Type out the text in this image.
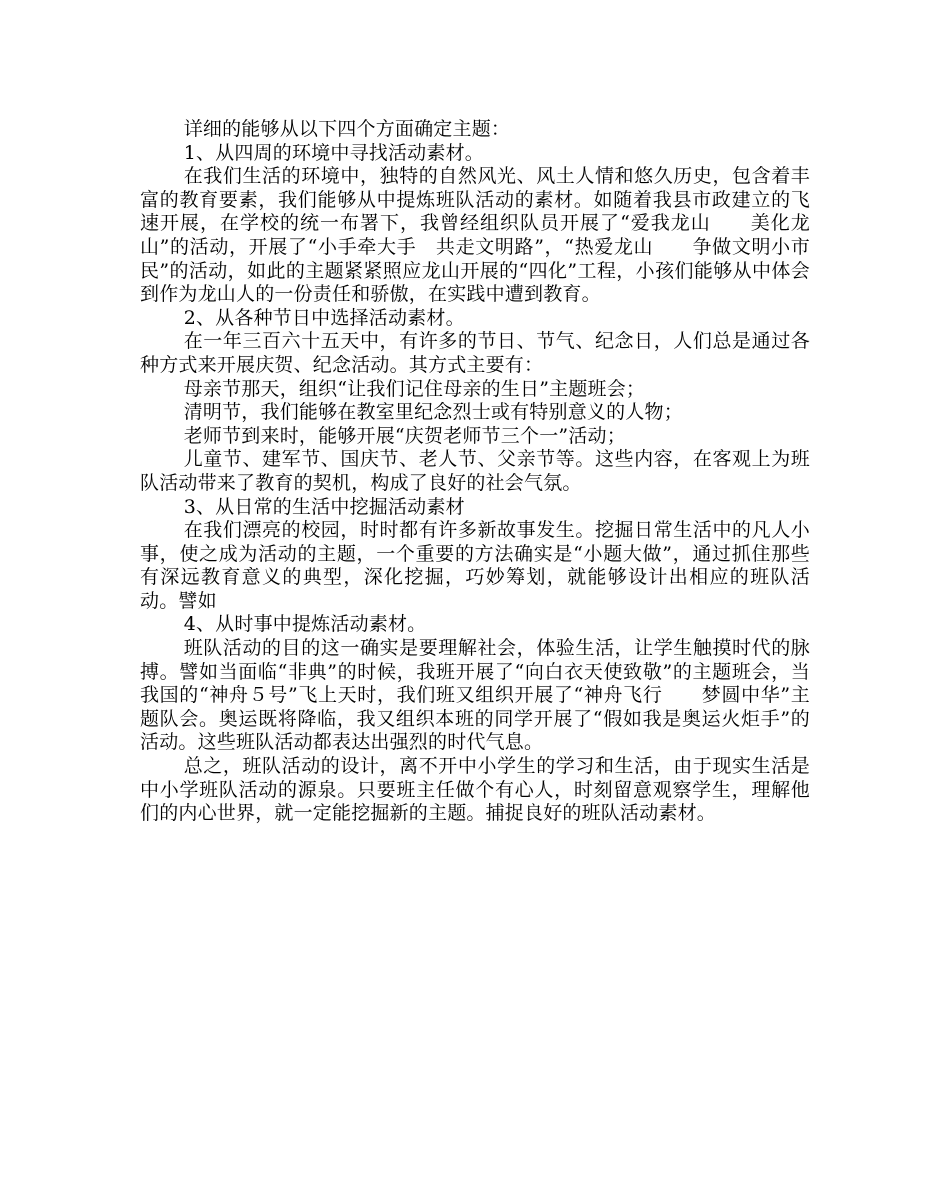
详细的能够从以下四个方面确定主题：

1、从四周的环境中寻找活动素材。

在我们生活的环境中，独特的自然风光、风土人情和悠久历史，包含着丰富的教育要素，我们能够从中提炼班队活动的素材。如随着我县市政建立的飞速开展，在学校的统一布署下，我曾经组织队员开展了“爱我龙山　　美化龙山”的活动，开展了“小手牵大手　共走文明路”，“热爱龙山　　争做文明小市民”的活动，如此的主题紧紧照应龙山开展的“四化”工程，小孩们能够从中体会到作为龙山人的一份责任和骄傲，在实践中遭到教育。

2、从各种节日中选择活动素材。

在一年三百六十五天中，有许多的节日、节气、纪念日，人们总是通过各种方式来开展庆贺、纪念活动。其方式主要有：

母亲节那天，组织“让我们记住母亲的生日”主题班会；

清明节，我们能够在教室里纪念烈士或有特别意义的人物；

老师节到来时，能够开展“庆贺老师节三个一”活动；

儿童节、建军节、国庆节、老人节、父亲节等。这些内容，在客观上为班队活动带来了教育的契机，构成了良好的社会气氛。

3、从日常的生活中挖掘活动素材

在我们漂亮的校园，时时都有许多新故事发生。挖掘日常生活中的凡人小事，使之成为活动的主题，一个重要的方法确实是“小题大做”，通过抓住那些有深远教育意义的典型，深化挖掘，巧妙筹划，就能够设计出相应的班队活动。譬如

4、从时事中提炼活动素材。

班队活动的目的这一确实是要理解社会，体验生活，让学生触摸时代的脉搏。譬如当面临“非典”的时候，我班开展了“向白衣天使致敬”的主题班会，当我国的“神舟５号”飞上天时，我们班又组织开展了“神舟飞行　　梦圆中华”主题队会。奥运既将降临，我又组织本班的同学开展了“假如我是奥运火炬手”的活动。这些班队活动都表达出强烈的时代气息。

总之，班队活动的设计，离不开中小学生的学习和生活，由于现实生活是中小学班队活动的源泉。只要班主任做个有心人，时刻留意观察学生，理解他们的内心世界，就一定能挖掘新的主题。捕捉良好的班队活动素材。
